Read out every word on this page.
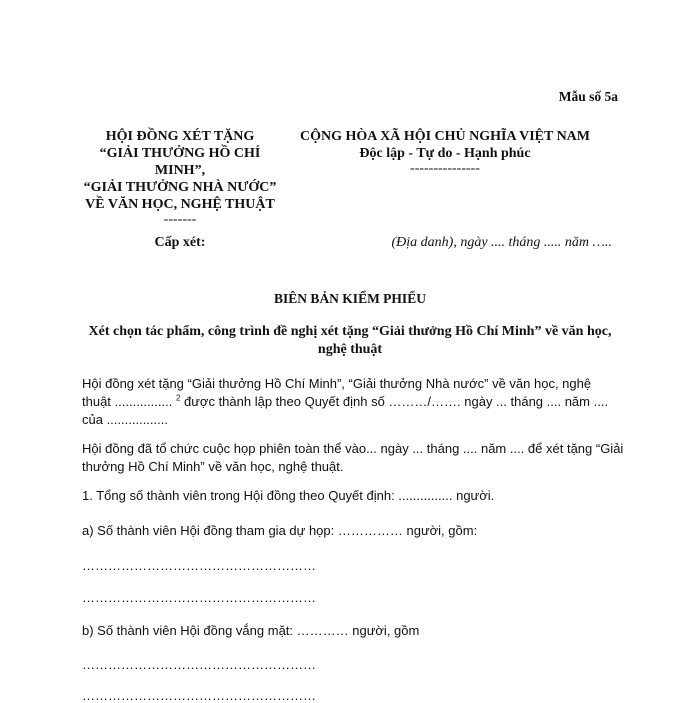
Mẫu số 5a
HỘI ĐỒNG XÉT TẶNG
“GIẢI THƯỞNG HỒ CHÍ
MINH”,
“GIẢI THƯỞNG NHÀ NƯỚC”
VỀ VĂN HỌC, NGHỆ THUẬT
-------
CỘNG HÒA XÃ HỘI CHỦ NGHĨA VIỆT NAM
Độc lập - Tự do - Hạnh phúc
---------------
Cấp xét:	(Địa danh), ngày .... tháng ..... năm …..
BIÊN BẢN KIỂM PHIẾU
Xét chọn tác phẩm, công trình đề nghị xét tặng “Giải thưởng Hồ Chí Minh” về văn học, nghệ thuật
Hội đồng xét tặng “Giải thưởng Hồ Chí Minh”, “Giải thưởng Nhà nước” về văn học, nghệ
thuật ................ $^2$ được thành lập theo Quyết định số ………/……. ngày ... tháng .... năm ....
của .................
Hội đồng đã tổ chức cuộc họp phiên toàn thể vào... ngày ... tháng .... năm .... để xét tặng “Giải
thưởng Hồ Chí Minh” về văn học, nghệ thuật.
1. Tổng số thành viên trong Hội đồng theo Quyết định: ............... người.
a) Số thành viên Hội đồng tham gia dự họp: …………… người, gồm:
………………………………………………
………………………………………………
b) Số thành viên Hội đồng vắng mặt: ………… người, gồm
………………………………………………
………………………………………………
